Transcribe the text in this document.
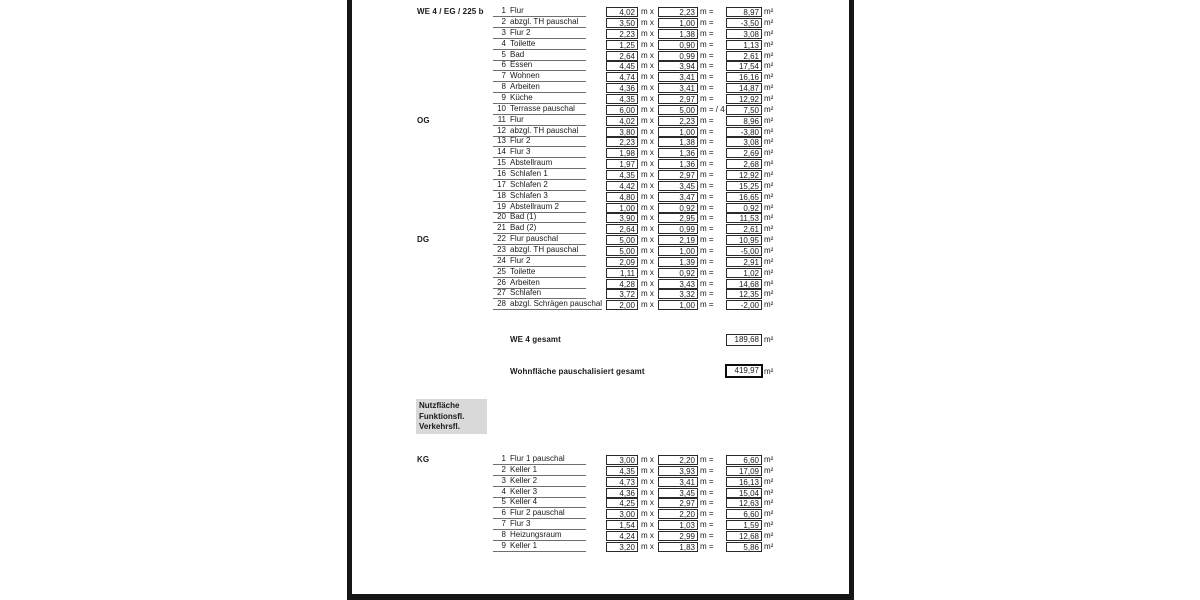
WE 4 / EG / 225 b	1 Flur	4,02 m x	2,23 m =	8,97 m²
2 abzgl. TH pauschal	3,50 m x	1,00 m =	-3,50 m²
3 Flur 2	2,23 m x	1,38 m =	3,08 m²
4 Toilette	1,25 m x	0,90 m =	1,13 m²
5 Bad	2,64 m x	0,99 m =	2,61 m²
6 Essen	4,45 m x	3,94 m =	17,54 m²
7 Wohnen	4,74 m x	3,41 m =	16,16 m²
8 Arbeiten	4,36 m x	3,41 m =	14,87 m²
9 Küche	4,35 m x	2,97 m =	12,92 m²
10 Terrasse pauschal	6,00 m x	5,00 m = / 4	7,50 m²
OG	11 Flur	4,02 m x	2,23 m =	8,96 m²
12 abzgl. TH pauschal	3,80 m x	1,00 m =	-3,80 m²
13 Flur 2	2,23 m x	1,38 m =	3,08 m²
14 Flur 3	1,98 m x	1,36 m =	2,69 m²
15 Abstellraum	1,97 m x	1,36 m =	2,68 m²
16 Schlafen 1	4,35 m x	2,97 m =	12,92 m²
17 Schlafen 2	4,42 m x	3,45 m =	15,25 m²
18 Schlafen 3	4,80 m x	3,47 m =	16,65 m²
19 Abstellraum 2	1,00 m x	0,92 m =	0,92 m²
20 Bad (1)	3,90 m x	2,95 m =	11,53 m²
21 Bad (2)	2,64 m x	0,99 m =	2,61 m²
DG	22 Flur pauschal	5,00 m x	2,19 m =	10,95 m²
23 abzgl. TH pauschal	5,00 m x	1,00 m =	-5,00 m²
24 Flur 2	2,09 m x	1,39 m =	2,91 m²
25 Toilette	1,11 m x	0,92 m =	1,02 m²
26 Arbeiten	4,28 m x	3,43 m =	14,68 m²
27 Schlafen	3,72 m x	3,32 m =	12,35 m²
28 abzgl. Schrägen pauschal	2,00 m x	1,00 m =	-2,00 m²
WE 4 gesamt	189,68 m²
Wohnfläche pauschalisiert gesamt	419,97 m²
Nutzfläche
Funktionsfl.
Verkehrsfl.
KG	1 Flur 1 pauschal	3,00 m x	2,20 m =	6,60 m²
2 Keller 1	4,35 m x	3,93 m =	17,09 m²
3 Keller 2	4,73 m x	3,41 m =	16,13 m²
4 Keller 3	4,36 m x	3,45 m =	15,04 m²
5 Keller 4	4,25 m x	2,97 m =	12,63 m²
6 Flur 2 pauschal	3,00 m x	2,20 m =	6,60 m²
7 Flur 3	1,54 m x	1,03 m =	1,59 m²
8 Heizungsraum	4,24 m x	2,99 m =	12,68 m²
9 Keller 1	3,20 m x	1,83 m =	5,86 m²
